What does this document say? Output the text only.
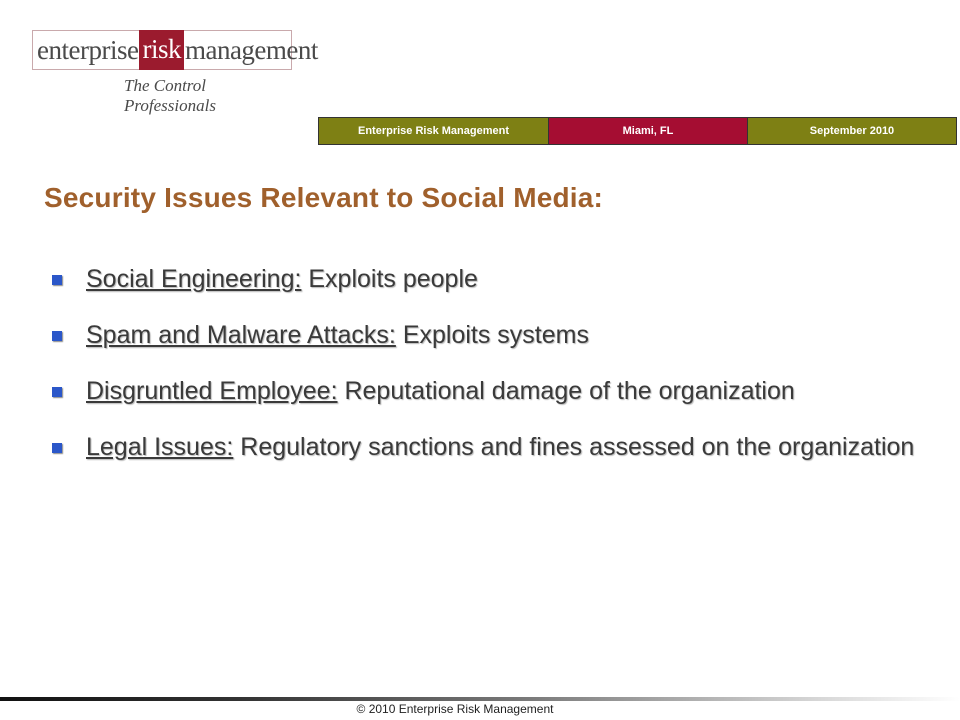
enterprise risk management
The Control Professionals
Enterprise Risk Management	Miami, FL	September 2010
Security Issues Relevant to Social Media:
Social Engineering: Exploits people
Spam and Malware Attacks: Exploits systems
Disgruntled Employee: Reputational damage of the organization
Legal Issues: Regulatory sanctions and fines assessed on the organization
© 2010 Enterprise Risk Management
